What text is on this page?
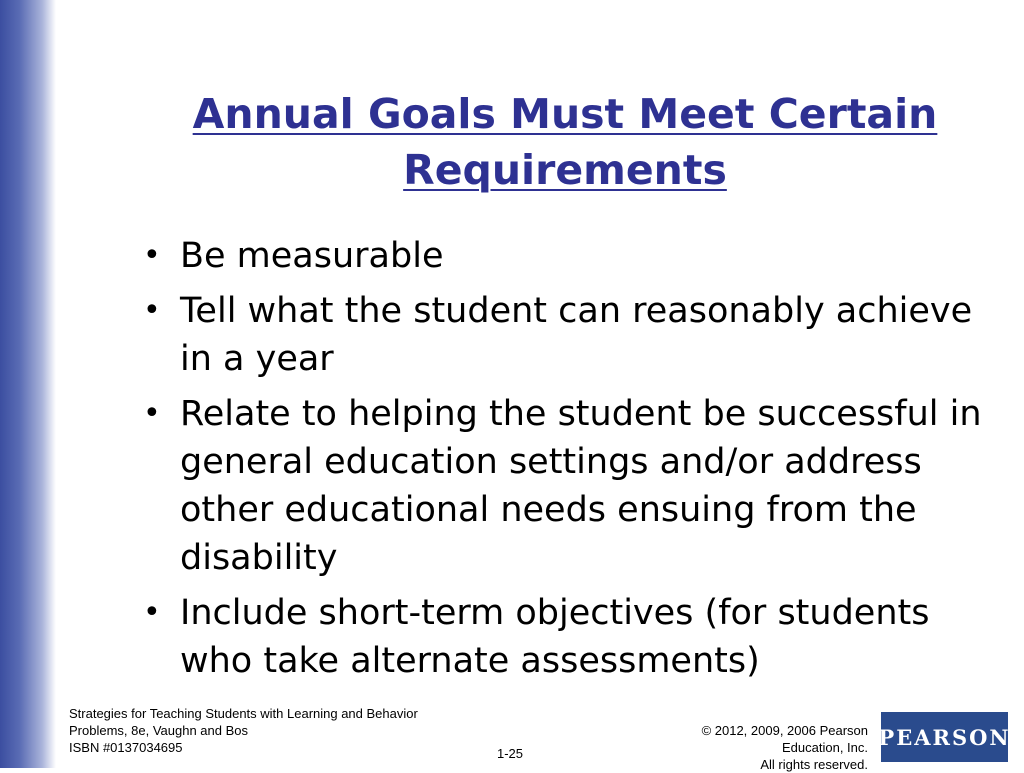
Annual Goals Must Meet Certain
Requirements
• Be measurable
• Tell what the student can reasonably achieve in a year
• Relate to helping the student be successful in general education settings and/or address other educational needs ensuing from the disability
• Include short-term objectives (for students who take alternate assessments)
Strategies for Teaching Students with Learning and Behavior
Problems, 8e, Vaughn and Bos
ISBN #0137034695	1-25
© 2012, 2009, 2006 Pearson
Education, Inc.
All rights reserved.
PEARSON
